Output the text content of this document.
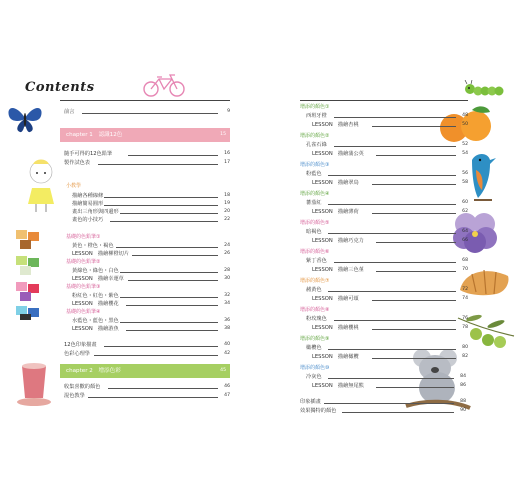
Contents
前言	9
chapter 1　認識12色	15
隨手可得的12色鉛筆	16
製作試色表	17
小教學
描繪各種線條	18
描繪簡易圓形	19
畫出三角形與四邊形	20
畫色的小技巧	22
基礎的色鉛筆①
黃色・橙色・褐色	24
LESSON　描繪柳橙切片	26
基礎的色鉛筆②
黃綠色・綠色・白色	28
LESSON　描繪幸運草	30
基礎的色鉛筆③
粉紅色・紅色・紫色	32
LESSON　描繪櫻花	34
基礎的色鉛筆④
水藍色・藍色・黑色	36
LESSON　描繪游魚	38
12色印象描畫	40
色彩心理學	42
chapter 2　增添色彩	45
收集喜歡的顏色	46
混色教學	47
增添的顏色①
西班牙橙	48
LESSON　描繪杏桃	50
增添的顏色②
孔雀石綠	52
LESSON　描繪蒲公英	54
增添的顏色③
粉藍色	56
LESSON　描繪翠鳥	58
增添的顏色④
蕃茄紅	60
LESSON　描繪薄荷	62
增添的顏色⑤
暗褐色	64
LESSON　描繪巧克力	66
增添的顏色⑥
紫丁香色	68
LESSON　描繪三色堇	70
增添的顏色⑦
赭黃色	72
LESSON　描繪可頌	74
增添的顏色⑧
粉玫瑰色	76
LESSON　描繪櫻桃	78
增添的顏色⑨
橄欖色	80
LESSON　描繪橄欖	82
增添的顏色⑩
冷灰色	84
LESSON　描繪無尾熊	86
印象插畫	88
效果獨特的顏色	90
